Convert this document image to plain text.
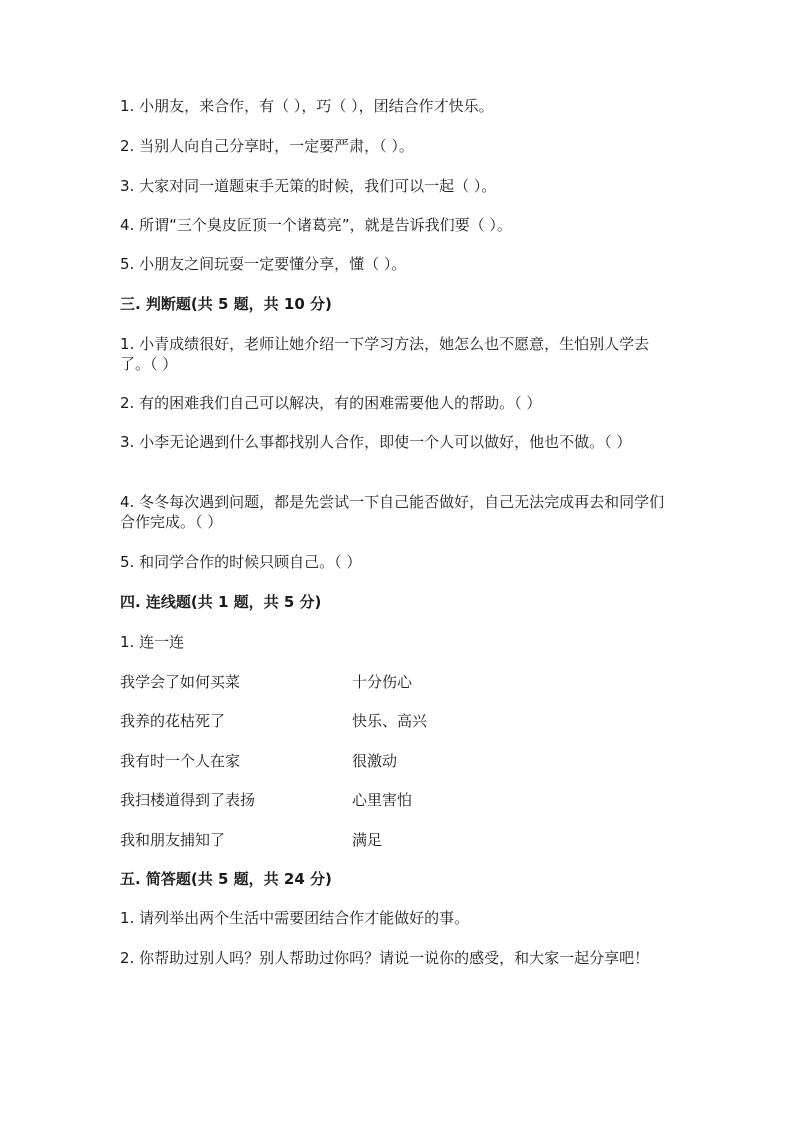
1. 小朋友，来合作，有（ ），巧（ ），团结合作才快乐。
2. 当别人向自己分享时，一定要严肃，（ ）。
3. 大家对同一道题束手无策的时候，我们可以一起（ ）。
4. 所谓“三个臭皮匠顶一个诸葛亮”，就是告诉我们要（ ）。
5. 小朋友之间玩耍一定要懂分享，懂（ ）。
三. 判断题(共 5 题，共 10 分)
1. 小青成绩很好，老师让她介绍一下学习方法，她怎么也不愿意，生怕别人学去了。（ ）
2. 有的困难我们自己可以解决，有的困难需要他人的帮助。（ ）
3. 小李无论遇到什么事都找别人合作，即使一个人可以做好，他也不做。（ ）
4. 冬冬每次遇到问题，都是先尝试一下自己能否做好，自己无法完成再去和同学们合作完成。（ ）
5. 和同学合作的时候只顾自己。（ ）
四. 连线题(共 1 题，共 5 分)
1. 连一连
我学会了如何买菜	十分伤心
我养的花枯死了	快乐、高兴
我有时一个人在家	很激动
我扫楼道得到了表扬	心里害怕
我和朋友捕知了	满足
五. 简答题(共 5 题，共 24 分)
1. 请列举出两个生活中需要团结合作才能做好的事。
2. 你帮助过别人吗？别人帮助过你吗？请说一说你的感受，和大家一起分享吧！
